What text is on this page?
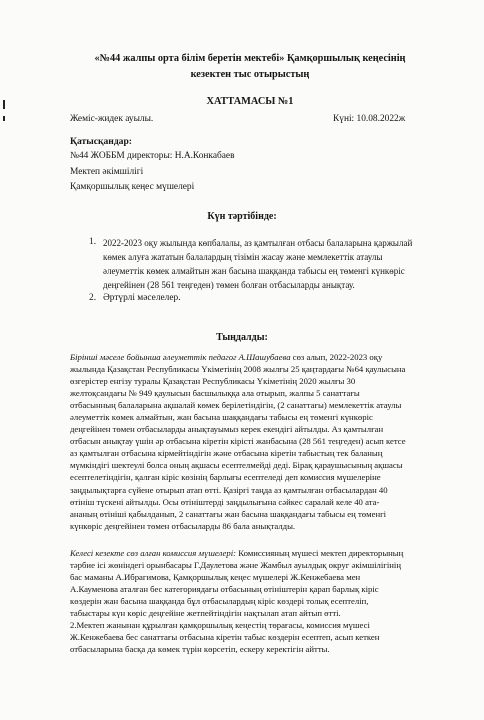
«№44 жалпы орта білім беретін мектебі» Қамқоршылық кеңесінің
кезектен тыс отырыстың
ХАТТАМАСЫ №1
Жеміс-жидек ауылы.	Күні: 10.08.2022ж
Қатысқандар:
№44 ЖОББМ директоры: Н.А.Конкабаев
Мектеп әкімшілігі
Қамқоршылық кеңес мүшелері
Күн тәртібінде:
1. 2022-2023 оқу жылында көпбалалы, аз қамтылған отбасы балаларына қаржылай

көмек алуға жататын балалардың тізімін жасау және мемлекеттік атаулы

әлеуметтік көмек алмайтын жан басына шаққанда табысы ең төменгі күнкөріс

деңгейінен (28 561 теңгеден) төмен болған отбасыларды анықтау.

2. Әртүрлі мәселелер.
Тыңдалды:

Бірінші мәселе бойынша әлеуметтік педагог А.Шашубаева сөз алып, 2022-2023 оқу

жылында Қазақстан Республикасы Үкіметінің 2008 жылғы 25 қаңтардағы №64 қаулысына

өзгерістер енгізу туралы Қазақстан Республикасы Үкіметінің 2020 жылғы 30

желтоқсандағы № 949 қаулысын басшылыққа ала отырып, жалпы 5 санаттағы

отбасынның балаларына ақшалай көмек берілетіндігін, (2 санаттағы) мемлекеттік атаулы

әлеуметтік көмек алмайтын, жан басына шаққандағы табысы ең төменгі күнкөріс

деңгейінен төмен отбасыларды анықтауымыз керек екендігі айтылды. Аз қамтылған

отбасын анықтау үшін әр отбасына кіретін кірісті жанбасына (28 561 теңгеден) асып кетсе

аз қамтылған отбасына кірмейтіндігін және отбасына кіретін табыстың тек баланың

мүмкіндігі шектеулі болса оның ақшасы есептелмейді деді. Бірақ қараушысының ақшасы

есептелетіндігін, қалған кіріс көзінің барлығы есептеледі деп комиссия мүшелеріне

заңдылықтарға сүйене отырып атап өтті. Қазіргі таңда аз қамтылған отбасылардан 40

өтініш түскені айтылды. Осы өтініштерді заңдылығына сәйкес саралай келе 40 ата-

ананың өтініші қабылданып, 2 санаттағы жан басына шаққандағы табысы ең төменгі

күнкөріс деңгейінен төмен отбасыларды 86 бала анықталды.

Келесі кезекте сөз алған комиссия мүшелері: Комиссияның мүшесі мектеп директорының

тәрбие ісі жөніндегі орынбасары Г.Даулетова және Жамбыл ауылдық округ әкімшілігінің

бас маманы А.Ибрагимова, Қамқоршылық кеңес мүшелері Ж.Кенжебаева мен

А.Кауменова аталған бес категориядағы отбасының өтініштерін қарап барлық кіріс

көздерін жан басына шаққанда бұл отбасылардың кіріс көздері толық есептеліп,

табыстары күн көріс деңгейіне жетпейтіндігін нақтылап атап айтып өтті.

2.Мектеп жанынан құрылған қамқоршылық кеңестің төрағасы, комиссия мүшесі

Ж.Кенжебаева бес санаттағы отбасына кіретін табыс көздерін есептеп, асып кеткен

отбасыларына басқа да көмек түрін көрсетіп, ескеру керектігін айтты.
